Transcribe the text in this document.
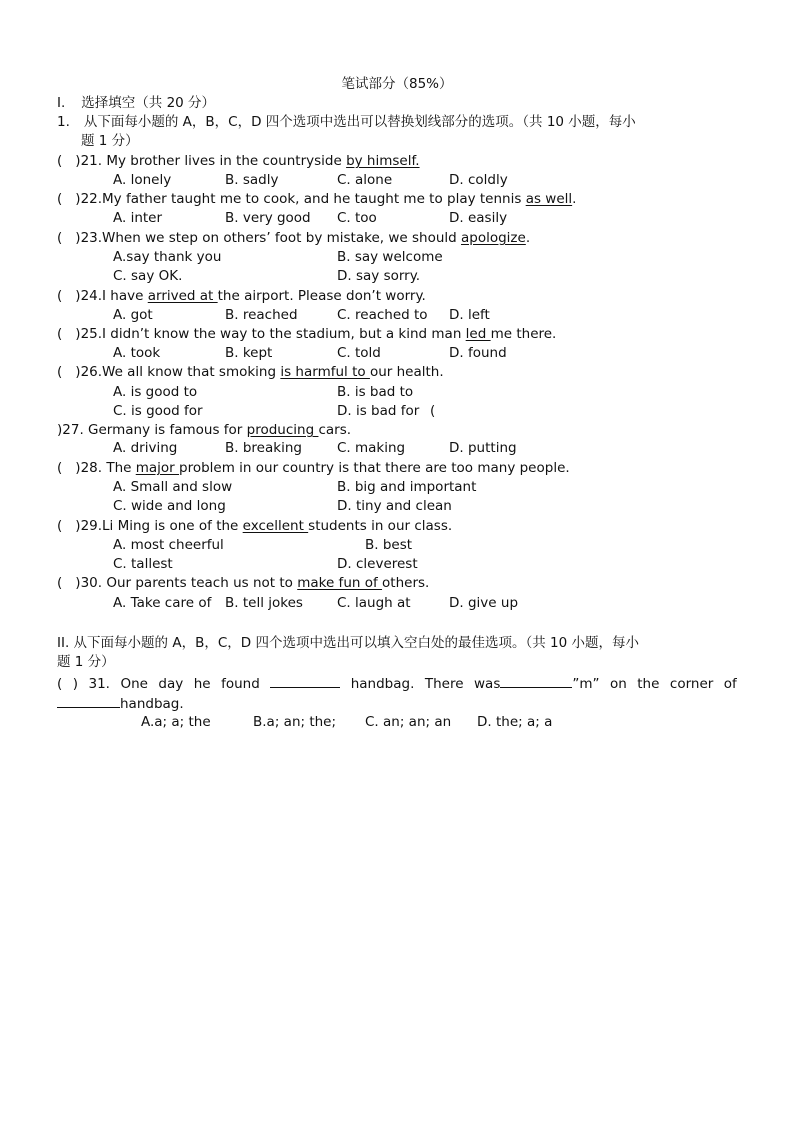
笔试部分（85%）
I. 选择填空（共 20 分）
1. 从下面每小题的 A，B，C，D 四个选项中选出可以替换划线部分的选项。（共 10 小题，每小
题 1 分）
( )21. My brother lives in the countryside by himself.
A. lonely	B. sadly	C. alone	D. coldly
( )22.My father taught me to cook, and he taught me to play tennis as well.
A. inter	B. very good C. too	D. easily
( )23.When we step on others’ foot by mistake, we should apologize.
A.say thank you	B. say welcome
C. say OK.	D. say sorry.
( )24.I have arrived at the airport. Please don’t worry.
A. got	B. reached	C. reached to D. left
( )25.I didn’t know the way to the stadium, but a kind man led me there.
A. took	B. kept	C. told	D. found
( )26.We all know that smoking is harmful to our health.
A. is good to	B. is bad to
C. is good for	D. is bad for (
)27. Germany is famous for producing cars.
A. driving	B. breaking	C. making	D. putting
( )28. The major problem in our country is that there are too many people.
A. Small and slow	B. big and important
C. wide and long	D. tiny and clean
( )29.Li Ming is one of the excellent students in our class.
A. most cheerful	B. best
C. tallest	D. cleverest
( )30. Our parents teach us not to make fun of others.
A. Take care of B. tell jokes	C. laugh at	D. give up
II. 从下面每小题的 A，B，C，D 四个选项中选出可以填入空白处的最佳选项。（共 10 小题，每小
题 1 分）
( ) 31. One day he found	handbag. There was	”m” on the corner of
handbag.
A.a; a; the	B.a; an; the; C. an; an; an D. the; a; a
